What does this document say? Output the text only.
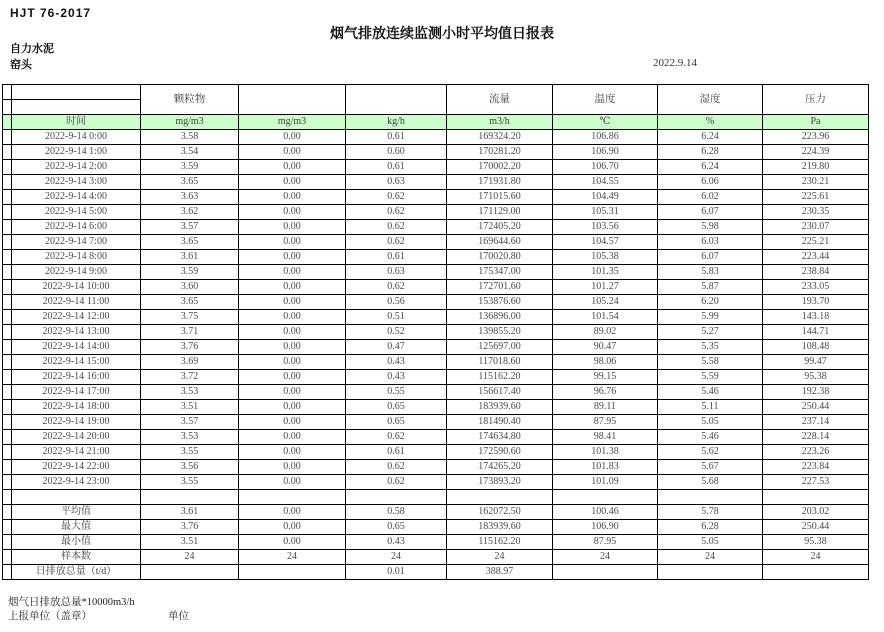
HJT 76-2017
烟气排放连续监测小时平均值日报表
自力水泥
窑头	2022.9.14
		颗粒物			流量	温度	湿度	压力

	时间	mg/m3	mg/m3	kg/h	m3/h	℃	%	Pa
	2022-9-14 0:00	3.58	0.00	0.61	169324.20	106.86	6.24	223.96
	2022-9-14 1:00	3.54	0.00	0.60	170281.20	106.90	6.28	224.39
	2022-9-14 2:00	3.59	0.00	0.61	170002.20	106.70	6.24	219.80
	2022-9-14 3:00	3.65	0.00	0.63	171931.80	104.55	6.06	230.21
	2022-9-14 4:00	3.63	0.00	0.62	171015.60	104.49	6.02	225.61
	2022-9-14 5:00	3.62	0.00	0.62	171129.00	105.31	6.07	230.35
	2022-9-14 6:00	3.57	0.00	0.62	172405.20	103.56	5.98	230.07
	2022-9-14 7:00	3.65	0.00	0.62	169644.60	104.57	6.03	225.21
	2022-9-14 8:00	3.61	0.00	0.61	170020.80	105.38	6.07	223.44
	2022-9-14 9:00	3.59	0.00	0.63	175347.00	101.35	5.83	238.84
	2022-9-14 10:00	3.60	0.00	0.62	172701.60	101.27	5.87	233.05
	2022-9-14 11:00	3.65	0.00	0.56	153876.60	105.24	6.20	193.70
	2022-9-14 12:00	3.75	0.00	0.51	136896.00	101.54	5.99	143.18
	2022-9-14 13:00	3.71	0.00	0.52	139855.20	89.02	5.27	144.71
	2022-9-14 14:00	3.76	0.00	0.47	125697.00	90.47	5.35	108.48
	2022-9-14 15:00	3.69	0.00	0.43	117018.60	98.06	5.58	99.47
	2022-9-14 16:00	3.72	0.00	0.43	115162.20	99.15	5.59	95.38
	2022-9-14 17:00	3.53	0.00	0.55	156617.40	96.76	5.46	192.38
	2022-9-14 18:00	3.51	0.00	0.65	183939.60	89.11	5.11	250.44
	2022-9-14 19:00	3.57	0.00	0.65	181490.40	87.95	5.05	237.14
	2022-9-14 20:00	3.53	0.00	0.62	174634.80	98.41	5.46	228.14
	2022-9-14 21:00	3.55	0.00	0.61	172590.60	101.38	5.62	223.26
	2022-9-14 22:00	3.56	0.00	0.62	174265.20	101.83	5.67	223.84
	2022-9-14 23:00	3.55	0.00	0.62	173893.20	101.09	5.68	227.53

	平均值	3.61	0.00	0.58	162072.50	100.46	5.78	203.02
	最大值	3.76	0.00	0.65	183939.60	106.90	6.28	250.44
	最小值	3.51	0.00	0.43	115162.20	87.95	5.05	95.38
	样本数	24	24	24	24	24	24	24
	日排放总量（t/d）			0.01	388.97			
烟气日排放总量*10000m3/h
上报单位（盖章）	单位
